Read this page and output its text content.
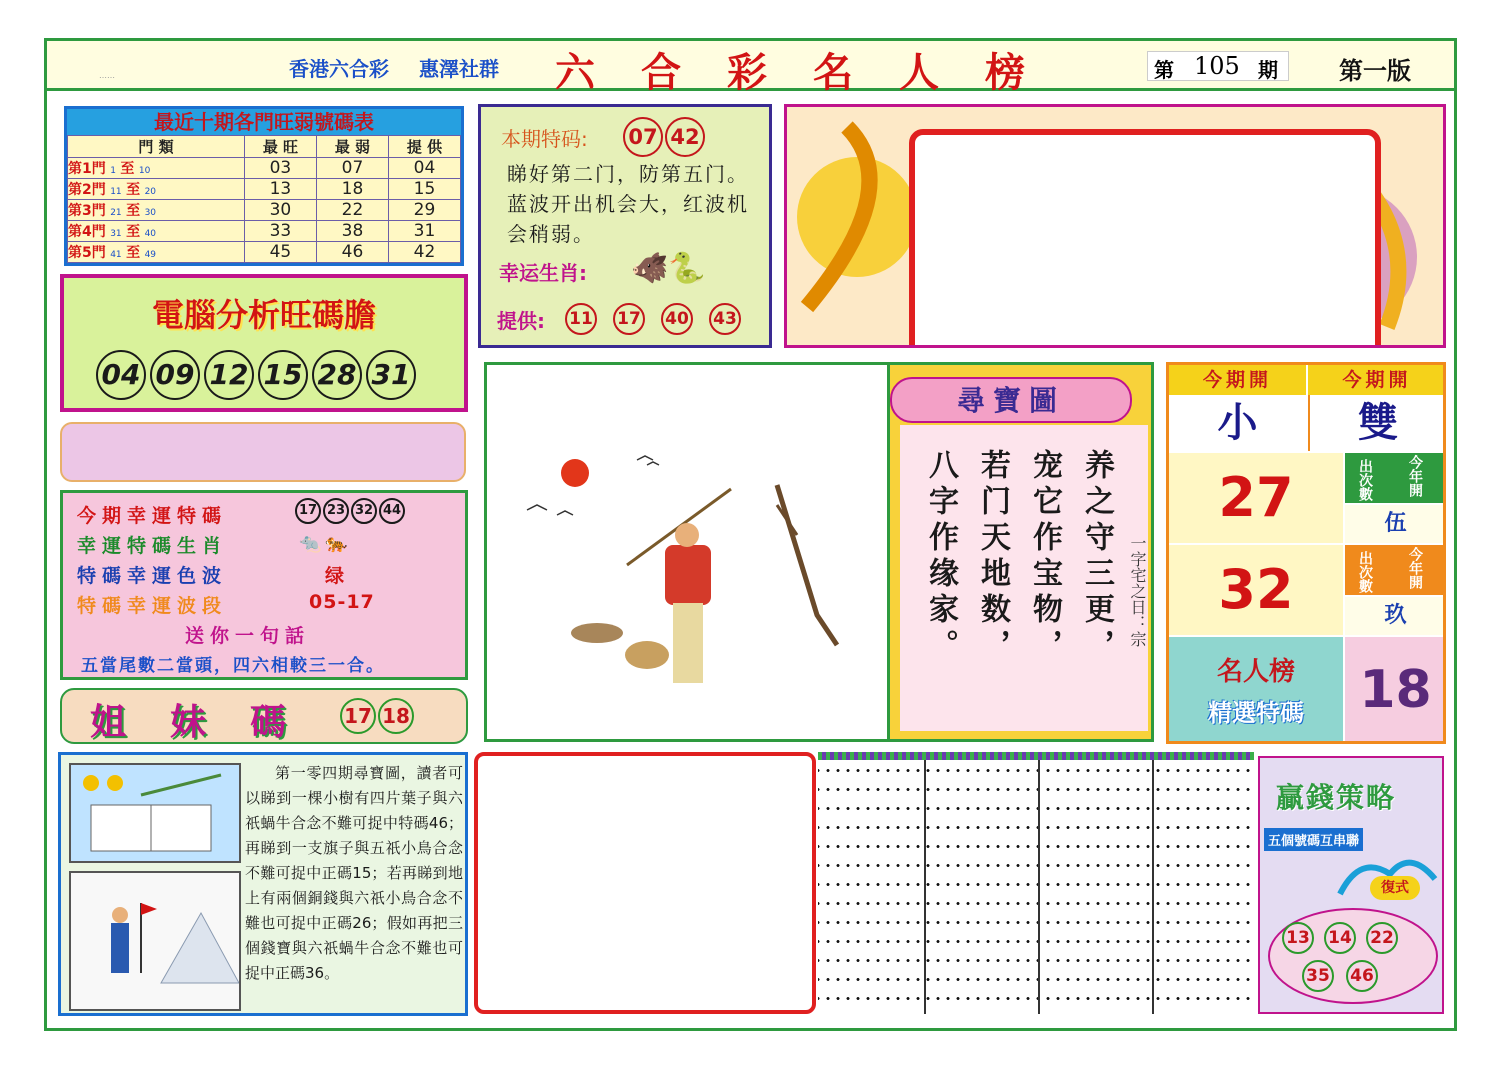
……	香港六合彩 惠澤社群 六合彩名人榜	第 105 期	第一版
最近十期各門旺弱號碼表
門 類	最 旺	最 弱	提 供
第1門 1 至 10	03	07	04
第2門 11 至 20	13	18	15
第3門 21 至 30	30	22	29
第4門 31 至 40	33	38	31
第5門 41 至 49	45	46	42
電腦分析旺碼膽
04 09 12 15 28 31
今期幸運特碼	17 23 32 44
幸運特碼生肖	🐀🐅
特碼幸運色波	绿
特碼幸運波段	05-17
送你一句話
五當尾數二當頭，四六相較三一合。
姐妹碼 17 18
本期特码: 07 42
睇好第二门，防第五门。蓝波开出机会大，红波机会稍弱。
幸运生肖: 🐗🐍
提供: 11 17 40 43
尋寶圖
养之守三更，
宠它作宝物，
若门天地数，
八字作缘家。	一字宅之日：宗
今期開	今期開
小	雙
27	出次數 今年開
伍
32	出次數 今年開
玖
名人榜
精選特碼	18
第一零四期尋寶圖，讀者可以睇到一棵小樹有四片葉子與六祇蝸牛合念不難可捉中特碼46；再睇到一支旗子與五祇小鳥合念不難可捉中正碼15；若再睇到地上有兩個銅錢與六祇小鳥合念不難也可捉中正碼26；假如再把三個錢寶與六祇蝸牛合念不難也可捉中正碼36。
贏錢策略
五個號碼互串聯
復式
13 14 22
35 46
